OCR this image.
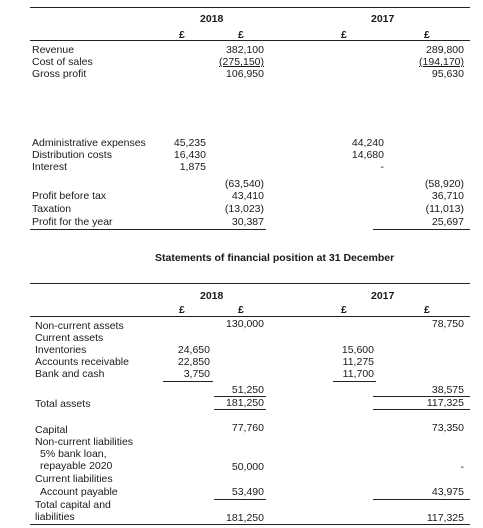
2018	2017
£	£	£	£
Revenue	382,100	289,800
Cost of sales	(275,150)	(194,170)
Gross profit	106,950	95,630
Administrative expenses	45,235	44,240
Distribution costs	16,430	14,680
Interest	1,875	-
(63,540)	(58,920)
Profit before tax	43,410	36,710
Taxation	(13,023)	(11,013)
Profit for the year	30,387	25,697
Statements of financial position at 31 December
2018	2017
£	£	£	£
Non-current assets	130,000	78,750
Current assets
Inventories	24,650	15,600
Accounts receivable	22,850	11,275
Bank and cash	3,750	11,700
51,250	38,575
Total assets	181,250	117,325
Capital	77,760	73,350
Non-current liabilities
5% bank loan, repayable 2020	50,000	-
Current liabilities
Account payable	53,490	43,975
Total capital and liabilities	181,250	117,325
